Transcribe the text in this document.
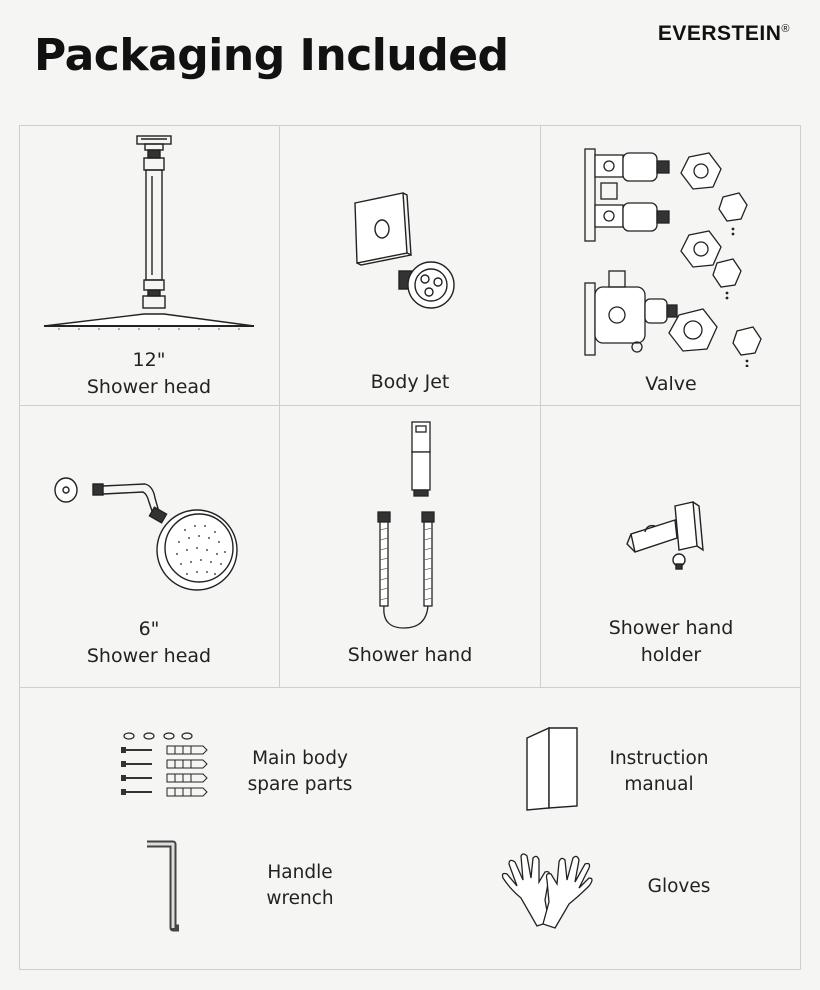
Packaging Included	EVERSTEIN®
12"
Shower head	Body Jet	Valve
6"
Shower head	Shower hand
Shower hand
holder
Main body
spare parts
Instruction
manual
Handle
wrench
Gloves
